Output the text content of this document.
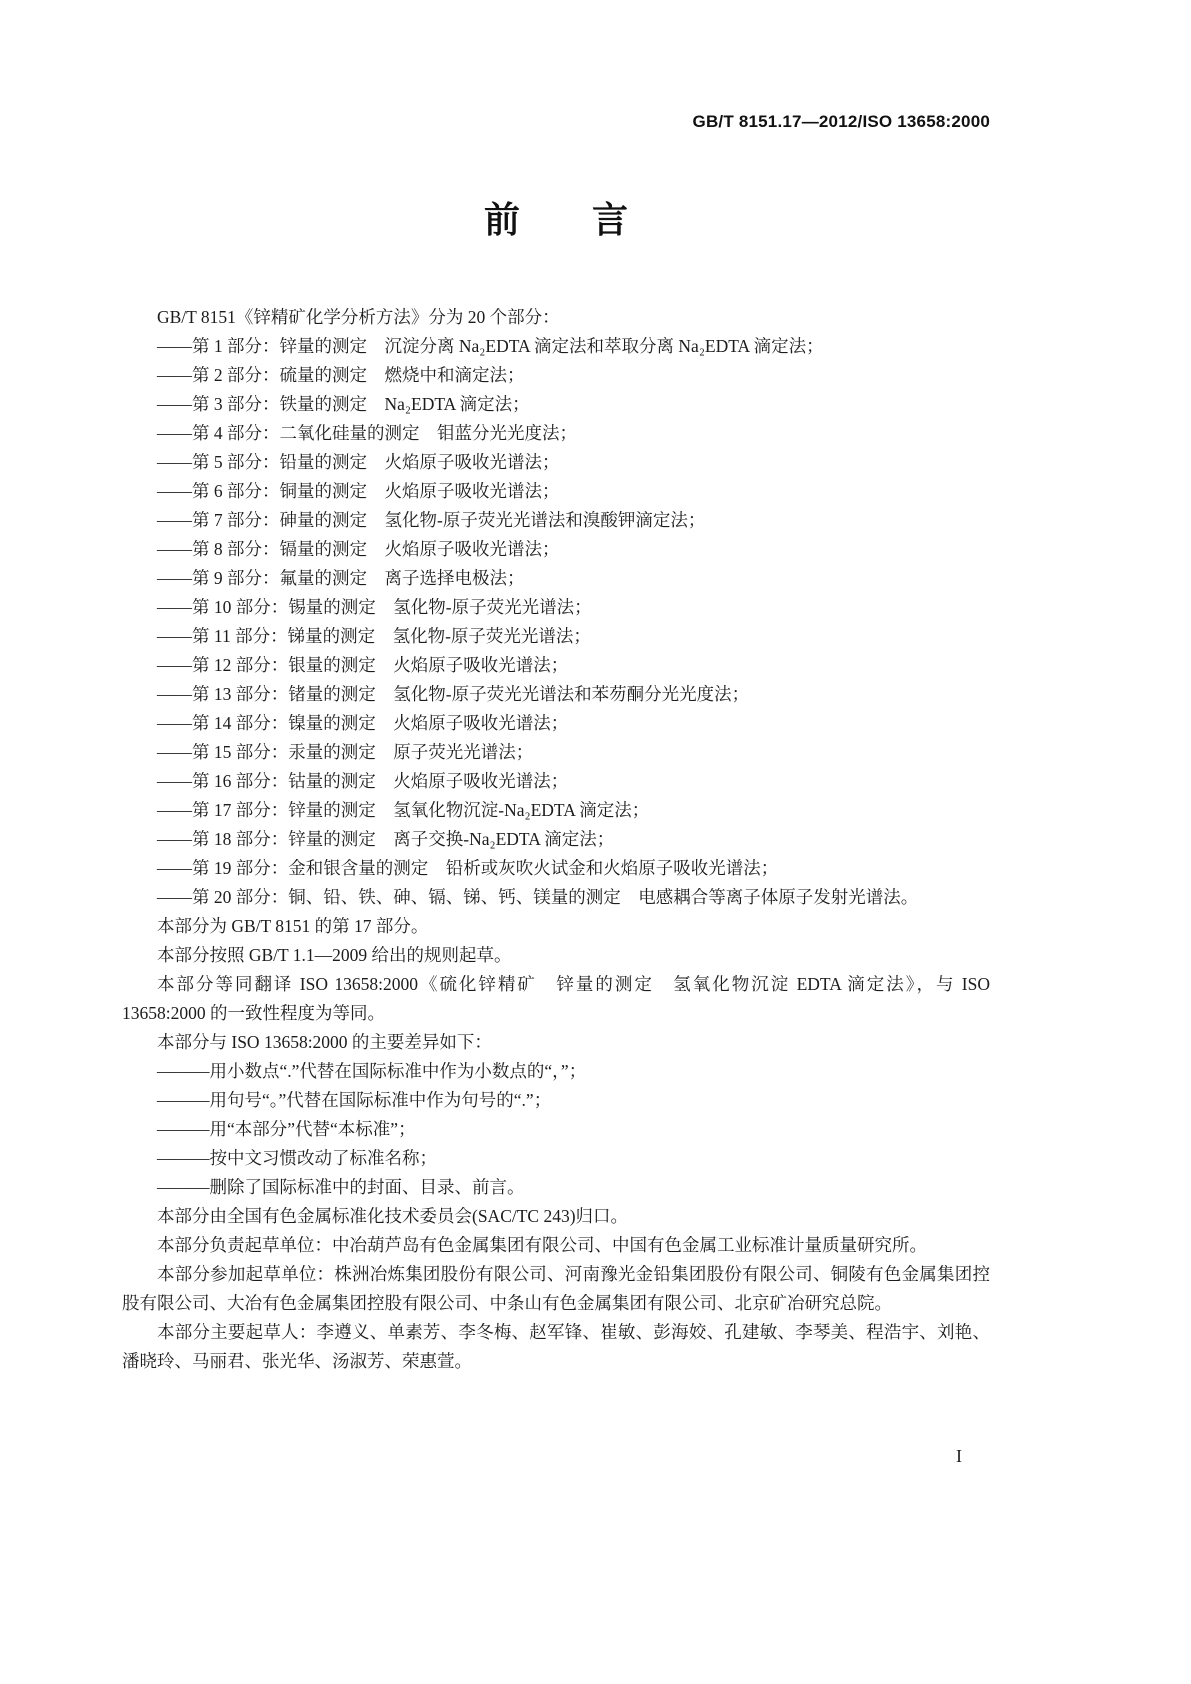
GB/T 8151.17—2012/ISO 13658:2000
前　　言

GB/T 8151《锌精矿化学分析方法》分为 20 个部分：

——第 1 部分：锌量的测定　沉淀分离 Na₂EDTA 滴定法和萃取分离 Na₂EDTA 滴定法；

——第 2 部分：硫量的测定　燃烧中和滴定法；

——第 3 部分：铁量的测定　Na₂EDTA 滴定法；

——第 4 部分：二氧化硅量的测定　钼蓝分光光度法；

——第 5 部分：铅量的测定　火焰原子吸收光谱法；

——第 6 部分：铜量的测定　火焰原子吸收光谱法；

——第 7 部分：砷量的测定　氢化物-原子荧光光谱法和溴酸钾滴定法；

——第 8 部分：镉量的测定　火焰原子吸收光谱法；

——第 9 部分：氟量的测定　离子选择电极法；

——第 10 部分：锡量的测定　氢化物-原子荧光光谱法；

——第 11 部分：锑量的测定　氢化物-原子荧光光谱法；

——第 12 部分：银量的测定　火焰原子吸收光谱法；

——第 13 部分：锗量的测定　氢化物-原子荧光光谱法和苯芴酮分光光度法；

——第 14 部分：镍量的测定　火焰原子吸收光谱法；

——第 15 部分：汞量的测定　原子荧光光谱法；

——第 16 部分：钴量的测定　火焰原子吸收光谱法；

——第 17 部分：锌量的测定　氢氧化物沉淀-Na₂EDTA 滴定法；

——第 18 部分：锌量的测定　离子交换-Na₂EDTA 滴定法；

——第 19 部分：金和银含量的测定　铅析或灰吹火试金和火焰原子吸收光谱法；

——第 20 部分：铜、铅、铁、砷、镉、锑、钙、镁量的测定　电感耦合等离子体原子发射光谱法。

本部分为 GB/T 8151 的第 17 部分。

本部分按照 GB/T 1.1—2009 给出的规则起草。

本部分等同翻译 ISO 13658:2000《硫化锌精矿　锌量的测定　氢氧化物沉淀 EDTA 滴定法》，与 ISO 13658:2000 的一致性程度为等同。

本部分与 ISO 13658:2000 的主要差异如下：

———用小数点“.”代替在国际标准中作为小数点的“，”；

———用句号“。”代替在国际标准中作为句号的“.”；

———用“本部分”代替“本标准”；

———按中文习惯改动了标准名称；

———删除了国际标准中的封面、目录、前言。

本部分由全国有色金属标准化技术委员会(SAC/TC 243)归口。

本部分负责起草单位：中冶葫芦岛有色金属集团有限公司、中国有色金属工业标准计量质量研究所。

本部分参加起草单位：株洲冶炼集团股份有限公司、河南豫光金铅集团股份有限公司、铜陵有色金属集团控股有限公司、大冶有色金属集团控股有限公司、中条山有色金属集团有限公司、北京矿冶研究总院。

本部分主要起草人：李遵义、单素芳、李冬梅、赵军锋、崔敏、彭海姣、孔建敏、李琴美、程浩宇、刘艳、潘晓玲、马丽君、张光华、汤淑芳、荣惠萱。

I
